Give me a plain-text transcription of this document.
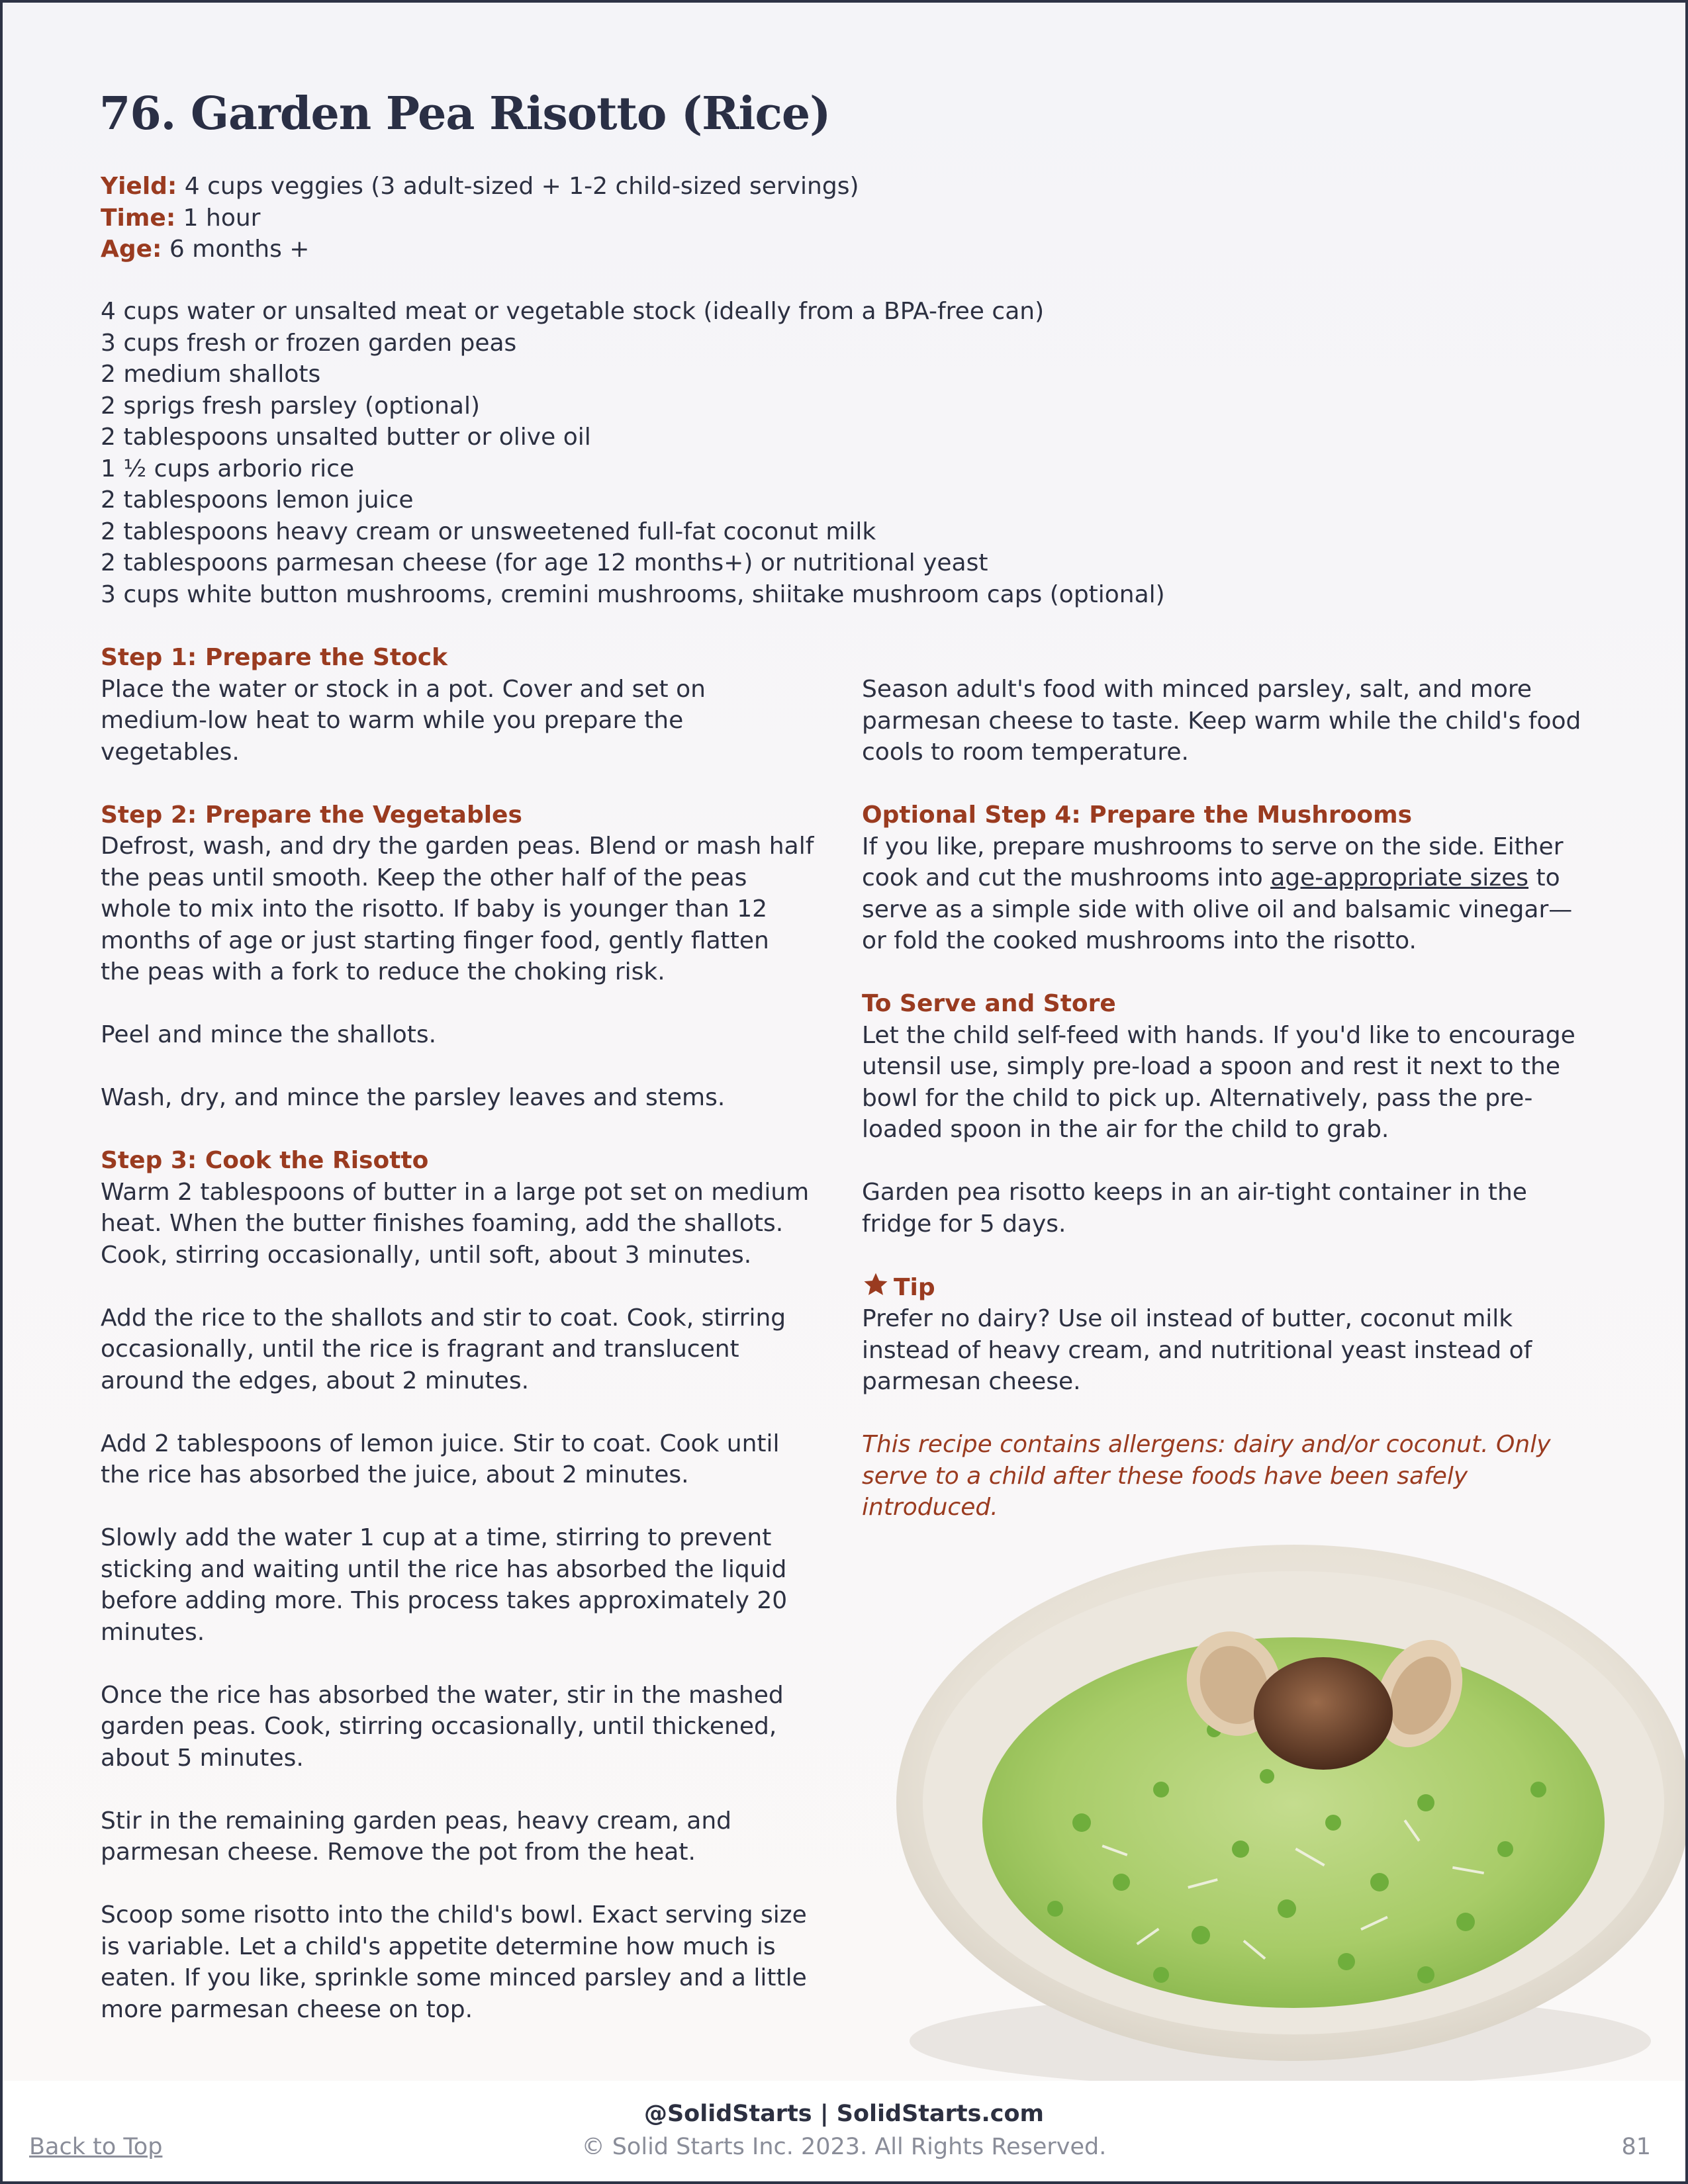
76. Garden Pea Risotto (Rice)
Yield: 4 cups veggies (3 adult-sized + 1-2 child-sized servings)
Time: 1 hour
Age: 6 months +
4 cups water or unsalted meat or vegetable stock (ideally from a BPA-free can)
3 cups fresh or frozen garden peas
2 medium shallots
2 sprigs fresh parsley (optional)
2 tablespoons unsalted butter or olive oil
1 ½ cups arborio rice
2 tablespoons lemon juice
2 tablespoons heavy cream or unsweetened full-fat coconut milk
2 tablespoons parmesan cheese (for age 12 months+) or nutritional yeast
3 cups white button mushrooms, cremini mushrooms, shiitake mushroom caps (optional)
Step 1: Prepare the Stock

Place the water or stock in a pot. Cover and set on medium-low heat to warm while you prepare the vegetables.

Step 2: Prepare the Vegetables

Defrost, wash, and dry the garden peas. Blend or mash half the peas until smooth. Keep the other half of the peas whole to mix into the risotto. If baby is younger than 12 months of age or just starting finger food, gently flatten the peas with a fork to reduce the choking risk.

Peel and mince the shallots.

Wash, dry, and mince the parsley leaves and stems.

Step 3: Cook the Risotto

Warm 2 tablespoons of butter in a large pot set on medium heat. When the butter finishes foaming, add the shallots. Cook, stirring occasionally, until soft, about 3 minutes.

Add the rice to the shallots and stir to coat. Cook, stirring occasionally, until the rice is fragrant and translucent around the edges, about 2 minutes.

Add 2 tablespoons of lemon juice. Stir to coat. Cook until the rice has absorbed the juice, about 2 minutes.

Slowly add the water 1 cup at a time, stirring to prevent sticking and waiting until the rice has absorbed the liquid before adding more. This process takes approximately 20 minutes.

Once the rice has absorbed the water, stir in the mashed garden peas. Cook, stirring occasionally, until thickened, about 5 minutes.

Stir in the remaining garden peas, heavy cream, and parmesan cheese. Remove the pot from the heat.

Scoop some risotto into the child's bowl. Exact serving size is variable. Let a child's appetite determine how much is eaten. If you like, sprinkle some minced parsley and a little more parmesan cheese on top.

Season adult's food with minced parsley, salt, and more parmesan cheese to taste. Keep warm while the child's food cools to room temperature.

Optional Step 4: Prepare the Mushrooms

If you like, prepare mushrooms to serve on the side. Either cook and cut the mushrooms into age-appropriate sizes to serve as a simple side with olive oil and balsamic vinegar—or fold the cooked mushrooms into the risotto.

To Serve and Store

Let the child self-feed with hands. If you'd like to encourage utensil use, simply pre-load a spoon and rest it next to the bowl for the child to pick up. Alternatively, pass the pre-loaded spoon in the air for the child to grab.

Garden pea risotto keeps in an air-tight container in the fridge for 5 days.

Tip

Prefer no dairy? Use oil instead of butter, coconut milk instead of heavy cream, and nutritional yeast instead of parmesan cheese.

This recipe contains allergens: dairy and/or coconut. Only serve to a child after these foods have been safely introduced.

@SolidStarts | SolidStarts.com
© Solid Starts Inc. 2023. All Rights Reserved.
Back to Top	81
